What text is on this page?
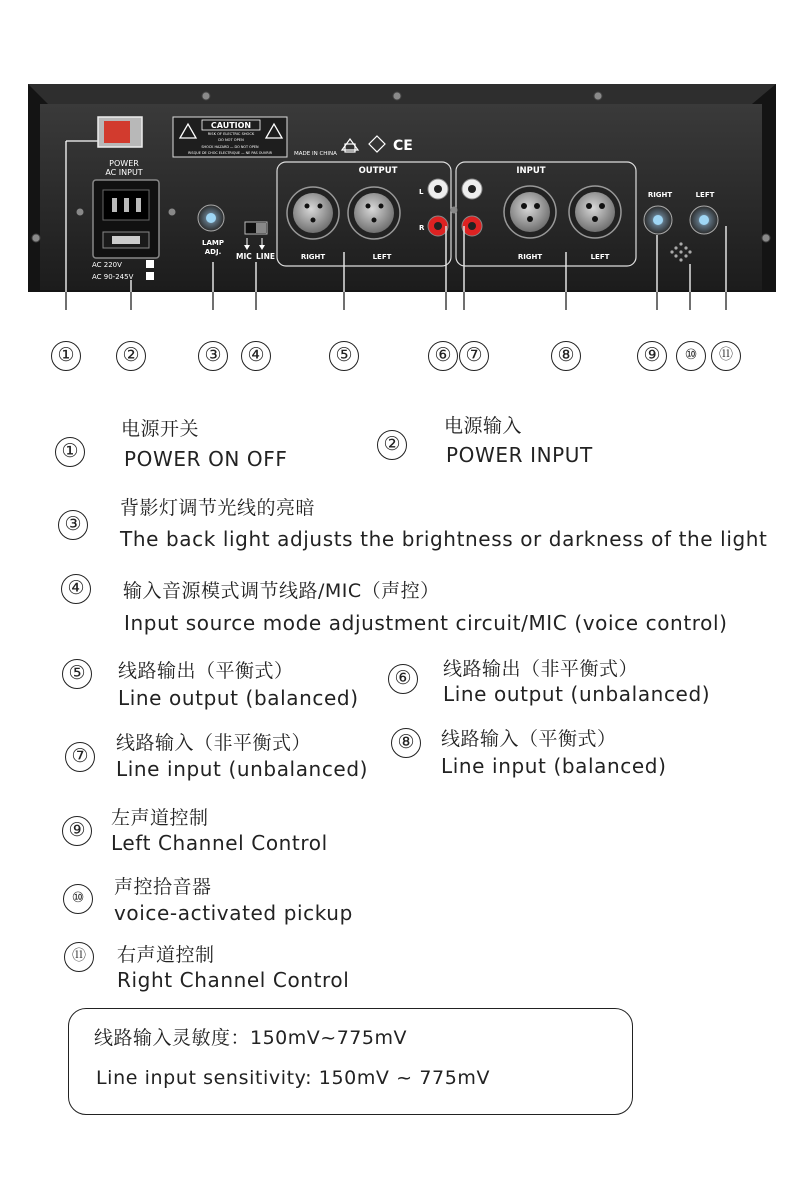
POWER
AC INPUT
AC 220V
AC 90-245V
CAUTION
RISK OF ELECTRIC SHOCK
DO NOT OPEN
SHOCK HAZARD — DO NOT OPEN
RISQUE DE CHOC ELECTRIQUE — NE PAS OUVRIR	MADE IN CHINA	CE
LAMP
ADJ. MIC LINE
OUTPUT
RIGHT	LEFT
L
R
INPUT
RIGHT	LEFT
RIGHT	LEFT
①	②	③	④	⑤	⑥ ⑦	⑧	⑨	⑩	⑪
①
电源开关
POWER ON OFF
②
电源输入
POWER INPUT
③
背影灯调节光线的亮暗
The back light adjusts the brightness or darkness of the light
④	输入音源模式调节线路/MIC（声控）
Input source mode adjustment circuit/MIC (voice control)
⑤	线路输出（平衡式）
Line output (balanced)
⑥	线路输出（非平衡式）
Line output (unbalanced)
⑦
线路输入（非平衡式）
Line input (unbalanced)
⑧	线路输入（平衡式）
Line input (balanced)
⑨
左声道控制
Left Channel Control
⑩	声控拾音器
voice-activated pickup
⑪	右声道控制
Right Channel Control
线路输入灵敏度：150mV~775mV
Line input sensitivity: 150mV ~ 775mV
